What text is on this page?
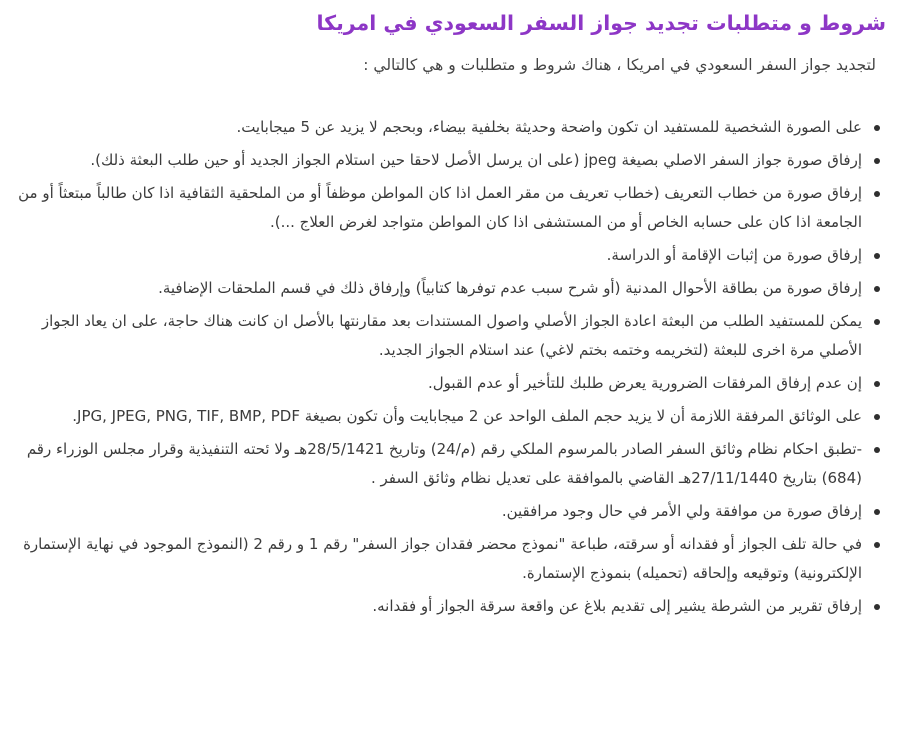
شروط و متطلبات تجديد جواز السفر السعودي في امريكا

لتجديد جواز السفر السعودي في امريكا ، هناك شروط و متطلبات و هي كالتالي :

على الصورة الشخصية للمستفيد ان تكون واضحة وحديثة بخلفية بيضاء، وبحجم لا يزيد عن 5 ميجابايت.
إرفاق صورة جواز السفر الاصلي بصيغة jpeg (على ان يرسل الأصل لاحقا حين استلام الجواز الجديد أو حين طلب البعثة ذلك).
إرفاق صورة من خطاب التعريف (خطاب تعريف من مقر العمل اذا كان المواطن موظفاً أو من الملحقية الثقافية اذا كان طالباً مبتعثاً أو من الجامعة اذا كان على حسابه الخاص أو من المستشفى اذا كان المواطن متواجد لغرض العلاج ...).
إرفاق صورة من إثبات الإقامة أو الدراسة.
إرفاق صورة من بطاقة الأحوال المدنية (أو شرح سبب عدم توفرها كتابياً) وإرفاق ذلك في قسم الملحقات الإضافية.
يمكن للمستفيد الطلب من البعثة اعادة الجواز الأصلي واصول المستندات بعد مقارنتها بالأصل ان كانت هناك حاجة، على ان يعاد الجواز الأصلي مرة اخرى للبعثة (لتخريمه وختمه بختم لاغي) عند استلام الجواز الجديد.
إن عدم إرفاق المرفقات الضرورية يعرض طلبك للتأخير أو عدم القبول.
على الوثائق المرفقة اللازمة أن لا يزيد حجم الملف الواحد عن 2 ميجابايت وأن تكون بصيغة JPG, JPEG, PNG, TIF, BMP, PDF.
-تطبق احكام نظام وثائق السفر الصادر بالمرسوم الملكي رقم (م/24) وتاريخ 28/5/1421هـ ولا ئحته التنفيذية وقرار مجلس الوزراء رقم (684) بتاريخ 27/11/1440هـ القاضي بالموافقة على تعديل نظام وثائق السفر .
إرفاق صورة من موافقة ولي الأمر في حال وجود مرافقين.
في حالة تلف الجواز أو فقدانه أو سرقته، طباعة "نموذج محضر فقدان جواز السفر" رقم 1 و رقم 2 (النموذج الموجود في نهاية الإستمارة الإلكترونية) وتوقيعه وإلحاقه (تحميله) بنموذج الإستمارة.
إرفاق تقرير من الشرطة يشير إلى تقديم بلاغ عن واقعة سرقة الجواز أو فقدانه.
